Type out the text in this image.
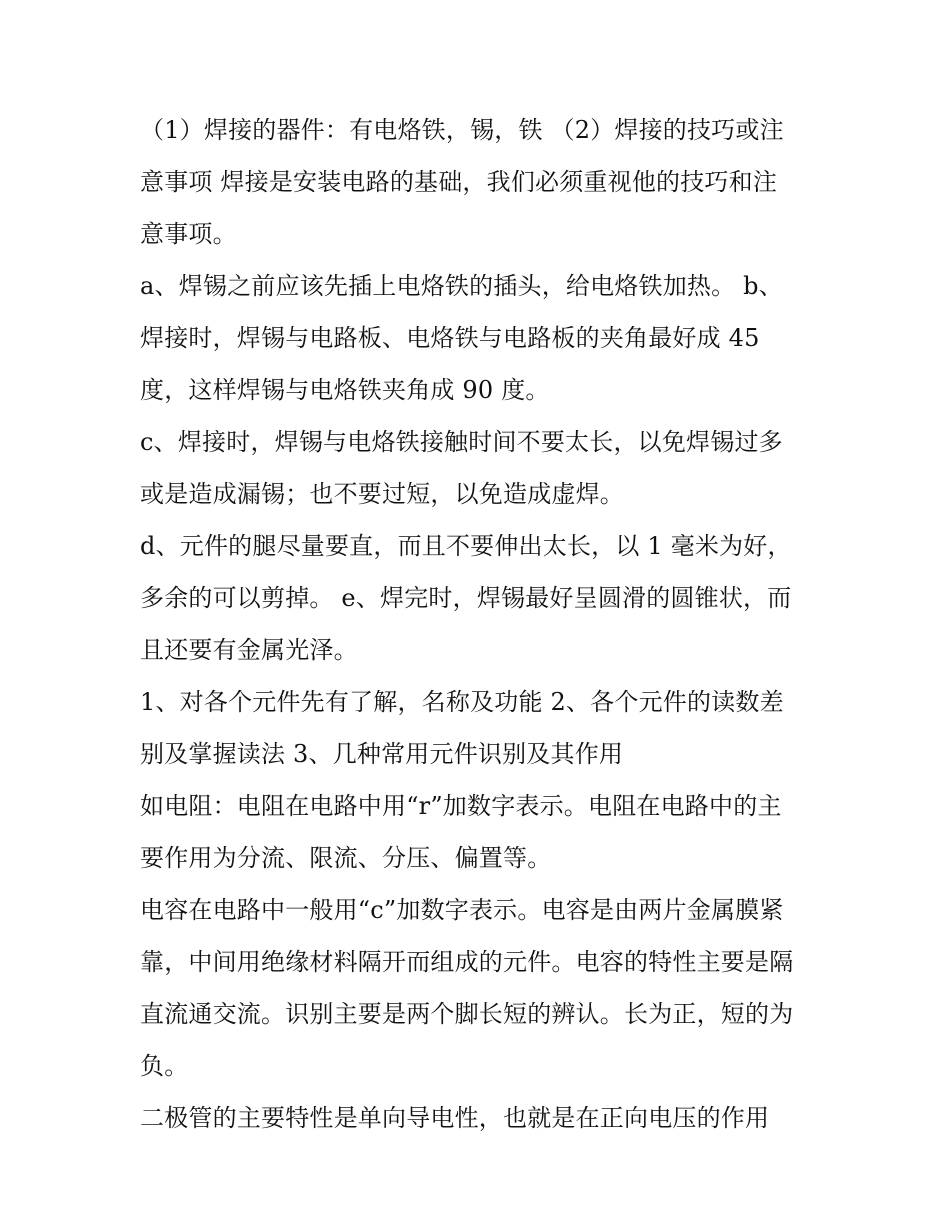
（1）焊接的器件：有电烙铁，锡，铁 （2）焊接的技巧或注
意事项 焊接是安装电路的基础，我们必须重视他的技巧和注
意事项。
a、焊锡之前应该先插上电烙铁的插头，给电烙铁加热。 b、
焊接时，焊锡与电路板、电烙铁与电路板的夹角最好成 45
度，这样焊锡与电烙铁夹角成 90 度。
c、焊接时，焊锡与电烙铁接触时间不要太长，以免焊锡过多
或是造成漏锡；也不要过短，以免造成虚焊。
d、元件的腿尽量要直，而且不要伸出太长，以 1 毫米为好，
多余的可以剪掉。 e、焊完时，焊锡最好呈圆滑的圆锥状，而
且还要有金属光泽。
1、对各个元件先有了解，名称及功能 2、各个元件的读数差
别及掌握读法 3、几种常用元件识别及其作用
如电阻：电阻在电路中用“r”加数字表示。电阻在电路中的主
要作用为分流、限流、分压、偏置等。
电容在电路中一般用“c”加数字表示。电容是由两片金属膜紧
靠，中间用绝缘材料隔开而组成的元件。电容的特性主要是隔
直流通交流。识别主要是两个脚长短的辨认。长为正，短的为
负。
二极管的主要特性是单向导电性，也就是在正向电压的作用
